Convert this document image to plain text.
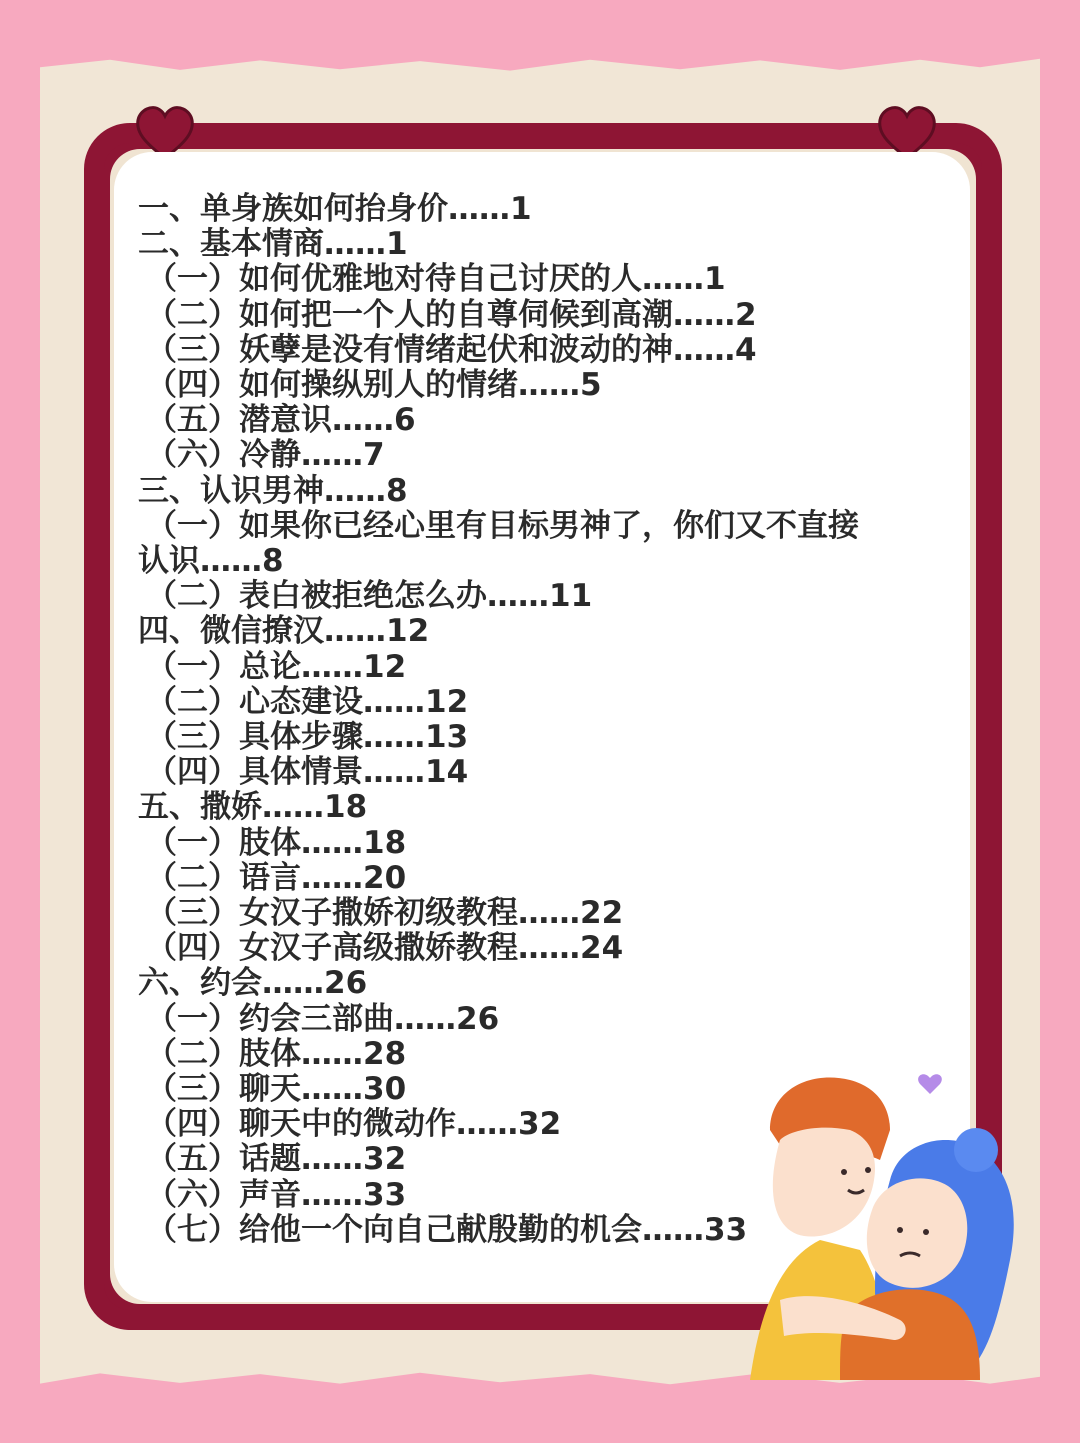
一、单身族如何抬身价……1
二、基本情商……1
（一）如何优雅地对待自己讨厌的人……1
（二）如何把一个人的自尊伺候到高潮……2
（三）妖孽是没有情绪起伏和波动的神……4
（四）如何操纵别人的情绪……5
（五）潜意识……6
（六）冷静……7
三、认识男神……8
（一）如果你已经心里有目标男神了，你们又不直接
认识……8
（二）表白被拒绝怎么办……11
四、微信撩汉……12
（一）总论……12
（二）心态建设……12
（三）具体步骤……13
（四）具体情景……14
五、撒娇……18
（一）肢体……18
（二）语言……20
（三）女汉子撒娇初级教程……22
（四）女汉子高级撒娇教程……24
六、约会……26
（一）约会三部曲……26
（二）肢体……28
（三）聊天……30
（四）聊天中的微动作……32
（五）话题……32
（六）声音……33
（七）给他一个向自己献殷勤的机会……33
